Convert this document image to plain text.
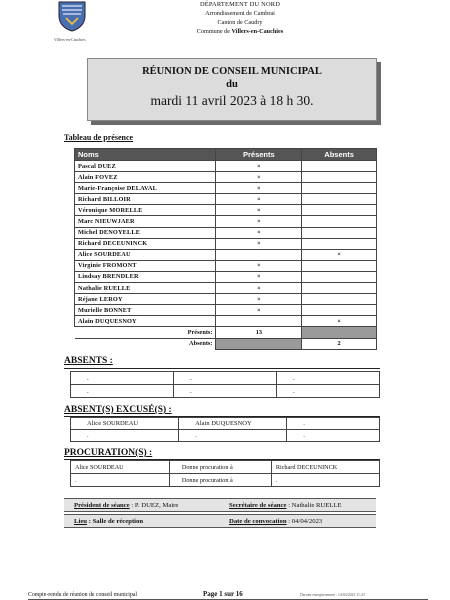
Villers-en-Cauchies
DÉPARTEMENT DU NORD
Arrondissement de Cambrai
Canton de Caudry
Commune de Villers-en-Cauchies
RÉUNION DE CONSEIL MUNICIPAL
du
mardi 11 avril 2023 à 18 h 30.
Tableau de présence
Noms	Présents	Absents
Pascal DUEZ	×	
Alain FOVEZ	×	
Marie-Françoise DELAVAL	×	
Richard BILLOIR	×	
Véronique MORELLE	×	
Marc NIEUWJAER	×	
Michel DENOYELLE	×	
Richard DECEUNINCK	×	
Alice SOURDEAU		×
Virginie FROMONT	×	
Lindsay BRENDLER	×	
Nathalie RUELLE	×	
Réjane LEROY	×	
Murielle BONNET	×	
Alain DUQUESNOY		×
Présents:	13	
Absents:		2
ABSENTS :
.	.	.
.	.	.
ABSENT(S) EXCUSÉ(S) :
Alice SOURDEAU	Alain DUQUESNOY	.
.	.	.
PROCURATION(S) :
Alice SOURDEAU	Donne procuration à	Richard DECEUNINCK
.	Donne procuration à	.
Président de séance : P. DUEZ, Maire	Secrétaire de séance : Nathalie RUELLE
Lieu : Salle de réception	Date de convocation : 04/04/2023
Compte-rendu de réunion de conseil municipal	Page 1 sur 16	Dernier enregistrement : 14/04/2023 11:23
